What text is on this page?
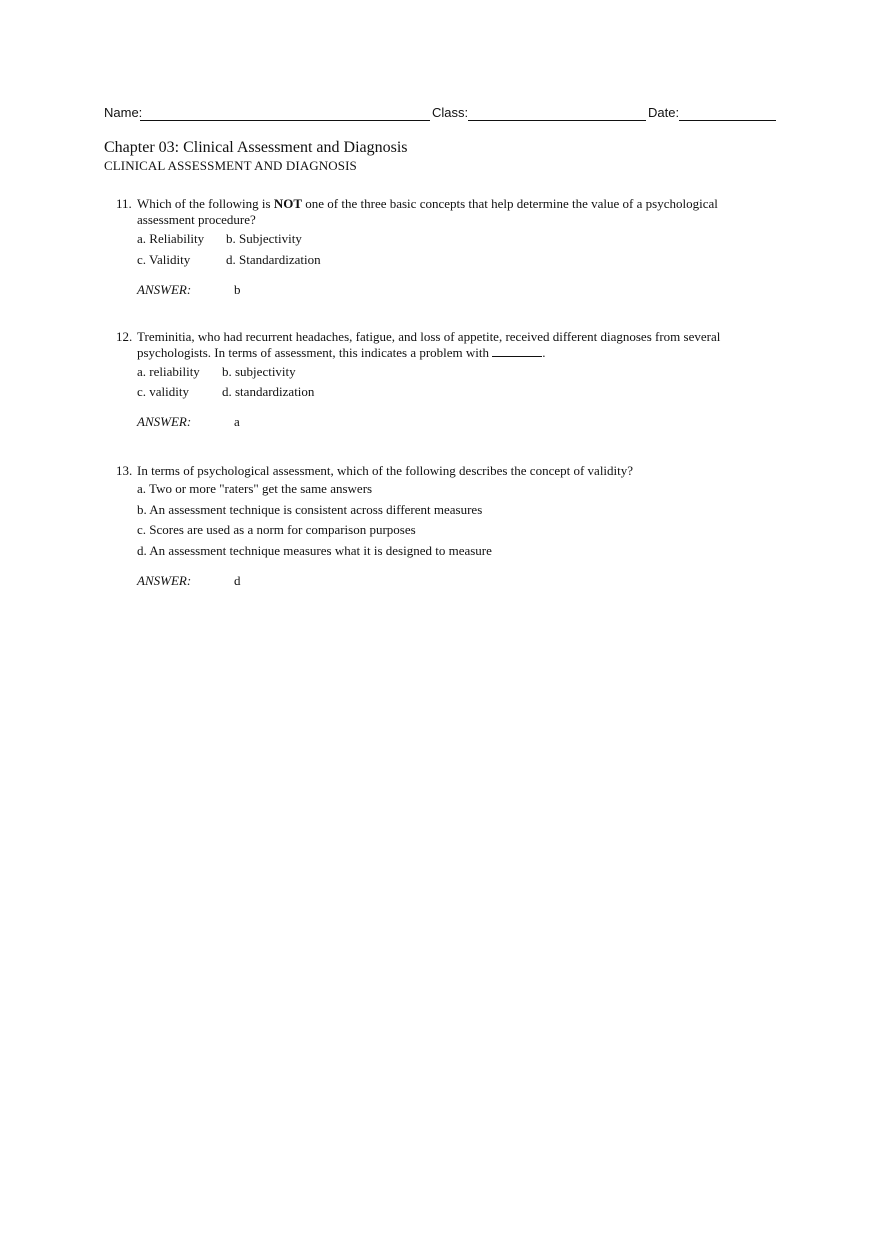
Name:	Class:	Date:
Chapter 03: Clinical Assessment and Diagnosis
CLINICAL ASSESSMENT AND DIAGNOSIS
11. Which of the following is NOT one of the three basic concepts that help determine the value of a psychological assessment procedure?
a. Reliability b. Subjectivity
c. Validity	d. Standardization
ANSWER:	b
12. Treminitia, who had recurrent headaches, fatigue, and loss of appetite, received different diagnoses from several psychologists. In terms of assessment, this indicates a problem with	.
a. reliability b. subjectivity
c. validity	d. standardization
ANSWER:	a
13. In terms of psychological assessment, which of the following describes the concept of validity?
a. Two or more "raters" get the same answers
b. An assessment technique is consistent across different measures
c. Scores are used as a norm for comparison purposes
d. An assessment technique measures what it is designed to measure
ANSWER:	d
